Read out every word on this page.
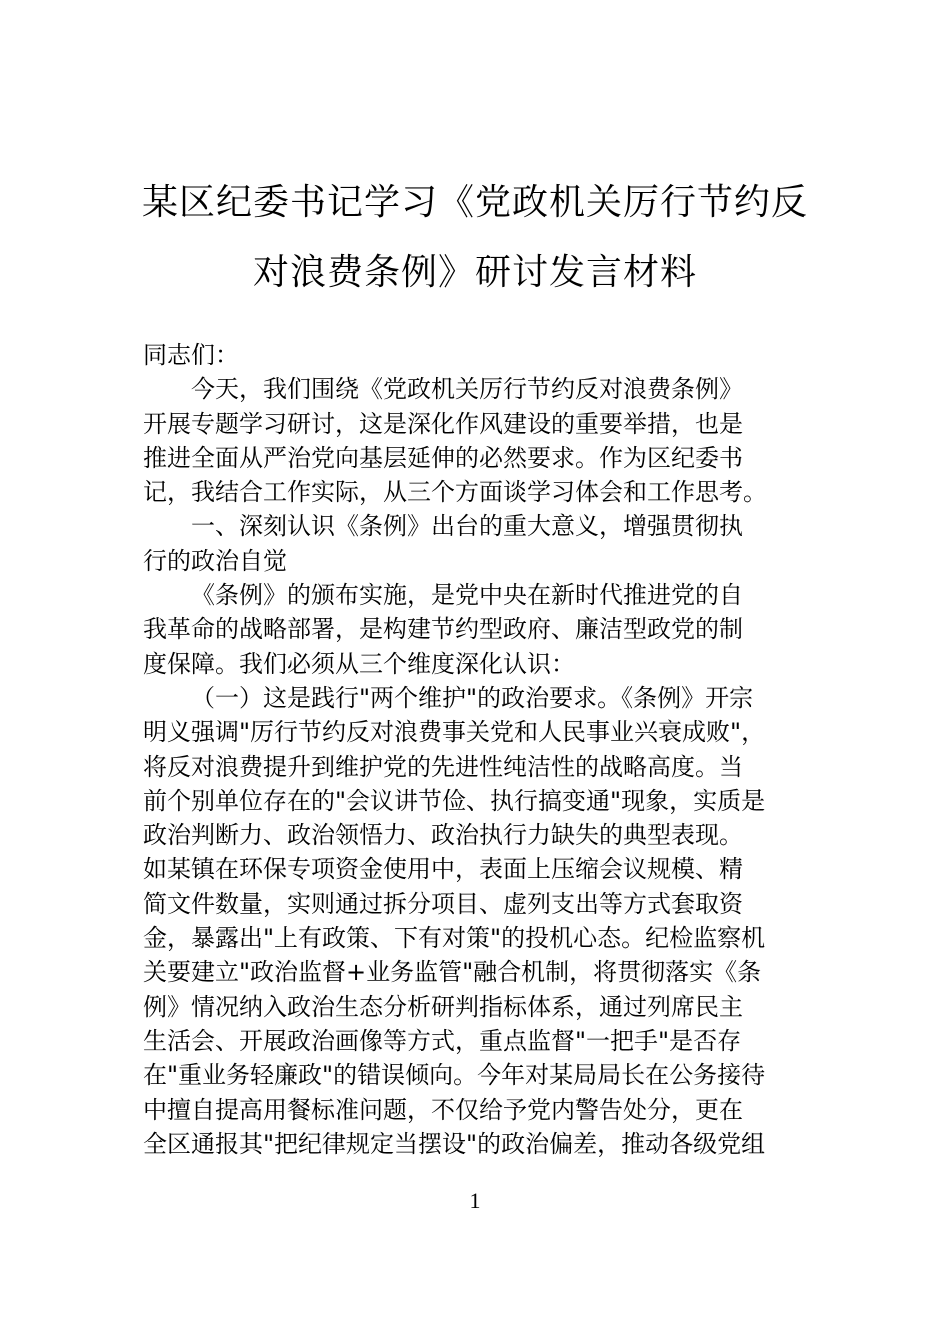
某区纪委书记学习《党政机关厉行节约反
对浪费条例》研讨发言材料
同志们：
今天，我们围绕《党政机关厉行节约反对浪费条例》
开展专题学习研讨，这是深化作风建设的重要举措，也是
推进全面从严治党向基层延伸的必然要求。作为区纪委书
记，我结合工作实际，从三个方面谈学习体会和工作思考。
一、深刻认识《条例》出台的重大意义，增强贯彻执
行的政治自觉
《条例》的颁布实施，是党中央在新时代推进党的自
我革命的战略部署，是构建节约型政府、廉洁型政党的制
度保障。我们必须从三个维度深化认识：
（一）这是践行"两个维护"的政治要求。《条例》开宗
明义强调"厉行节约反对浪费事关党和人民事业兴衰成败"，
将反对浪费提升到维护党的先进性纯洁性的战略高度。当
前个别单位存在的"会议讲节俭、执行搞变通"现象，实质是
政治判断力、政治领悟力、政治执行力缺失的典型表现。
如某镇在环保专项资金使用中，表面上压缩会议规模、精
简文件数量，实则通过拆分项目、虚列支出等方式套取资
金，暴露出"上有政策、下有对策"的投机心态。纪检监察机
关要建立"政治监督+业务监管"融合机制，将贯彻落实《条
例》情况纳入政治生态分析研判指标体系，通过列席民主
生活会、开展政治画像等方式，重点监督"一把手"是否存
在"重业务轻廉政"的错误倾向。今年对某局局长在公务接待
中擅自提高用餐标准问题，不仅给予党内警告处分，更在
全区通报其"把纪律规定当摆设"的政治偏差，推动各级党组
1
